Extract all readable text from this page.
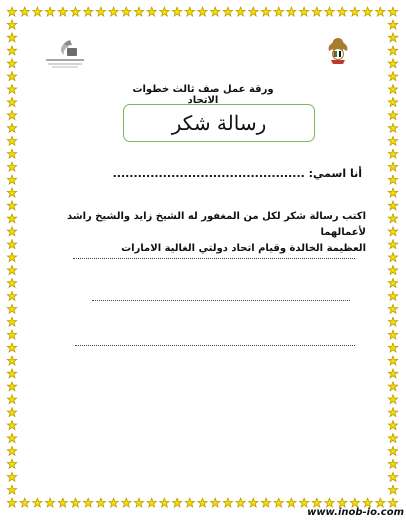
ورقة عمل صف ثالث خطوات الاتحاد
رسالة شكر
أنا اسمي: ..............................................
اكتب رسالة شكر لكل من المغفور له الشيخ زايد والشيخ راشد لأعمالهما
العظيمة الخالدة وقيام اتحاد دولتي الغالية الامارات
www.inob-io.com
